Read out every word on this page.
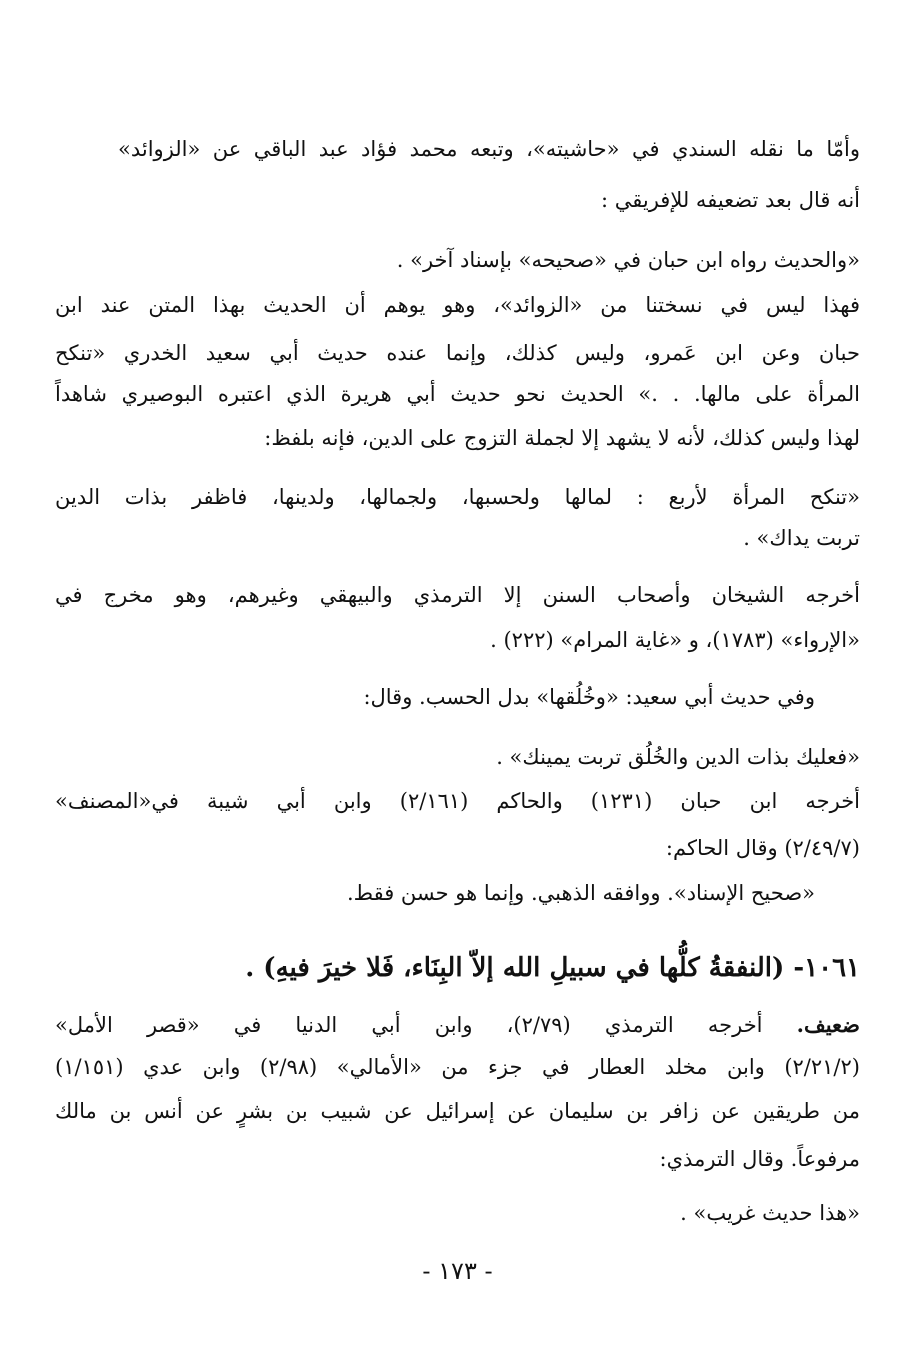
وأمّا ما نقله السندي في «حاشيته»، وتبعه محمد فؤاد عبد الباقي عن «الزوائد»
أنه قال بعد تضعيفه للإفريقي :
«والحديث رواه ابن حبان في «صحيحه» بإسناد آخر» .
فهذا ليس في نسختنا من «الزوائد»، وهو يوهم أن الحديث بهذا المتن عند ابن
حبان وعن ابن عَمرو، وليس كذلك، وإنما عنده حديث أبي سعيد الخدري «تنكح
المرأة على مالها. . .» الحديث نحو حديث أبي هريرة الذي اعتبره البوصيري شاهداً
لهذا وليس كذلك، لأنه لا يشهد إلا لجملة التزوج على الدين، فإنه بلفظ:
«تنكح المرأة لأربع : لمالها ولحسبها، ولجمالها، ولدينها، فاظفر بذات الدين
تربت يداك» .
أخرجه الشيخان وأصحاب السنن إلا الترمذي والبيهقي وغيرهم، وهو مخرج في
«الإرواء» (١٧٨٣)، و «غاية المرام» (٢٢٢) .
وفي حديث أبي سعيد: «وخُلُقها» بدل الحسب. وقال:
«فعليك بذات الدين والخُلُق تربت يمينك» .
أخرجه ابن حبان (١٢٣١) والحاكم (٢/١٦١) وابن أبي شيبة في«المصنف»
(٢/٤٩/٧) وقال الحاكم:
«صحيح الإسناد». ووافقه الذهبي. وإنما هو حسن فقط.
١٠٦١- (النفقةُ كلُّها في سبيلِ الله إلاّ البِنَاء، فَلا خيرَ فيهِ) .
ضعيف. أخرجه الترمذي (٢/٧٩)، وابن أبي الدنيا في «قصر الأمل»
(٢/٢١/٢) وابن مخلد العطار في جزء من «الأمالي» (٢/٩٨) وابن عدي (١/١٥١)
من طريقين عن زافر بن سليمان عن إسرائيل عن شبيب بن بشرٍ عن أنس بن مالك
مرفوعاً. وقال الترمذي:
«هذا حديث غريب» .
- ١٧٣ -
